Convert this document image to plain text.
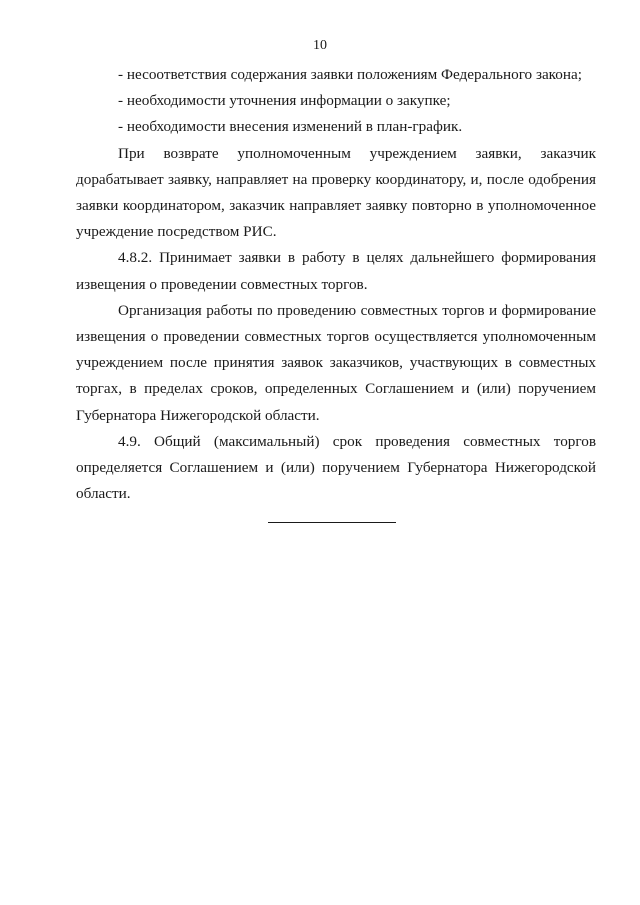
10

- несоответствия содержания заявки положениям Федерального закона;

- необходимости уточнения информации о закупке;

- необходимости внесения изменений в план-график.

При возврате уполномоченным учреждением заявки, заказчик дорабатывает заявку, направляет на проверку координатору, и, после одобрения заявки координатором, заказчик направляет заявку повторно в уполномоченное учреждение посредством РИС.

4.8.2. Принимает заявки в работу в целях дальнейшего формирования извещения о проведении совместных торгов.

Организация работы по проведению совместных торгов и формирование извещения о проведении совместных торгов осуществляется уполномоченным учреждением после принятия заявок заказчиков, участвующих в совместных торгах, в пределах сроков, определенных Соглашением и (или) поручением Губернатора Нижегородской области.

4.9. Общий (максимальный) срок проведения совместных торгов определяется Соглашением и (или) поручением Губернатора Нижегородской области.
